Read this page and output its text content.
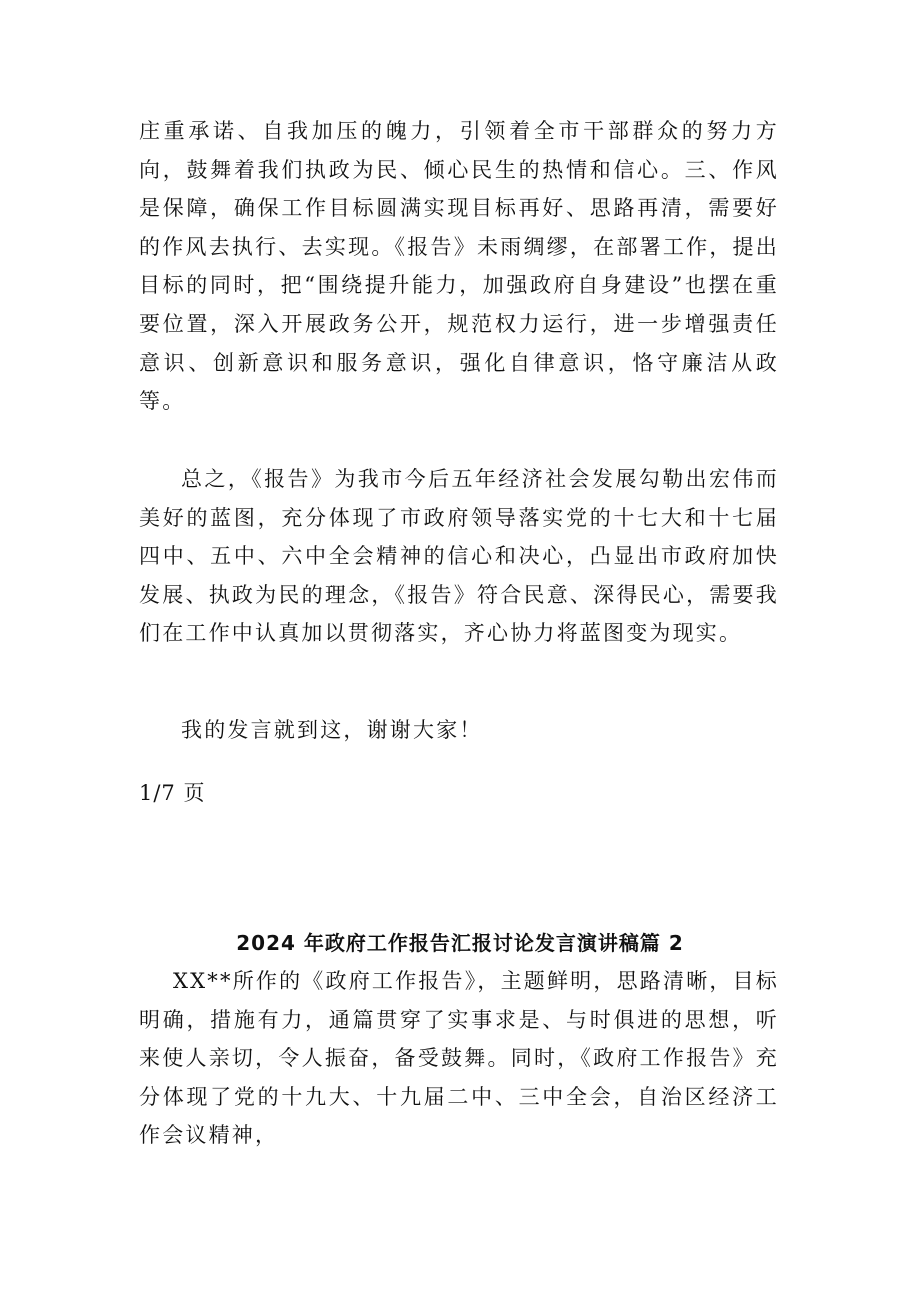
庄重承诺、自我加压的魄力，引领着全市干部群众的努力方向，鼓舞着我们执政为民、倾心民生的热情和信心。三、作风是保障，确保工作目标圆满实现目标再好、思路再清，需要好的作风去执行、去实现。《报告》未雨绸缪，在部署工作，提出目标的同时，把“围绕提升能力，加强政府自身建设”也摆在重要位置，深入开展政务公开，规范权力运行，进一步增强责任意识、创新意识和服务意识，强化自律意识，恪守廉洁从政等。

总之，《报告》为我市今后五年经济社会发展勾勒出宏伟而美好的蓝图，充分体现了市政府领导落实党的十七大和十七届四中、五中、六中全会精神的信心和决心，凸显出市政府加快发展、执政为民的理念，《报告》符合民意、深得民心，需要我们在工作中认真加以贯彻落实，齐心协力将蓝图变为现实。

我的发言就到这，谢谢大家！

1/7 页

2024 年政府工作报告汇报讨论发言演讲稿篇 2

XX**所作的《政府工作报告》，主题鲜明，思路清晰，目标明确，措施有力，通篇贯穿了实事求是、与时俱进的思想，听来使人亲切，令人振奋，备受鼓舞。同时，《政府工作报告》充分体现了党的十九大、十九届二中、三中全会，自治区经济工作会议精神，
